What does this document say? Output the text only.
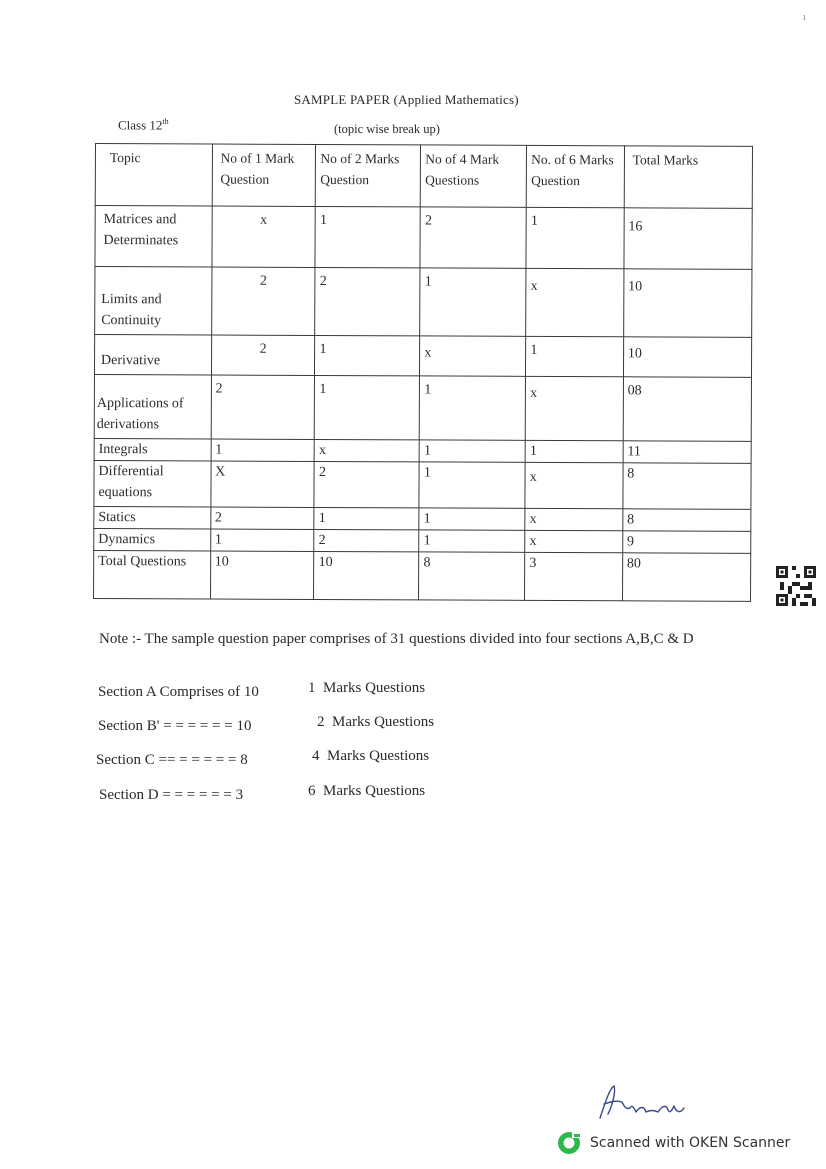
ı
SAMPLE PAPER (Applied Mathematics)
Class 12th
(topic wise break up)
Topic	No of 1 Mark Question	No of 2 Marks Question	No of 4 Mark Questions	No. of 6 Marks Question	Total Marks
Matrices and Determinates	x	1	2	1	16
Limits and Continuity	2	2	1	x	10
Derivative	2	1	x	1	10
Applications of derivations	2	1	1	x	08
Integrals	1	x	1	1	11
Differential equations	X	2	1	x	8
Statics	2	1	1	x	8
Dynamics	1	2	1	x	9
Total Questions	10	10	8	3	80
Note :- The sample question paper comprises of 31 questions divided into four sections A,B,C & D
Section A Comprises of 10	1  Marks Questions
Section B' = = = = = = 10	2  Marks Questions
Section C == = = = = = 8	4  Marks Questions
Section D = = = = = = 3	6  Marks Questions
Scanned with OKEN Scanner
